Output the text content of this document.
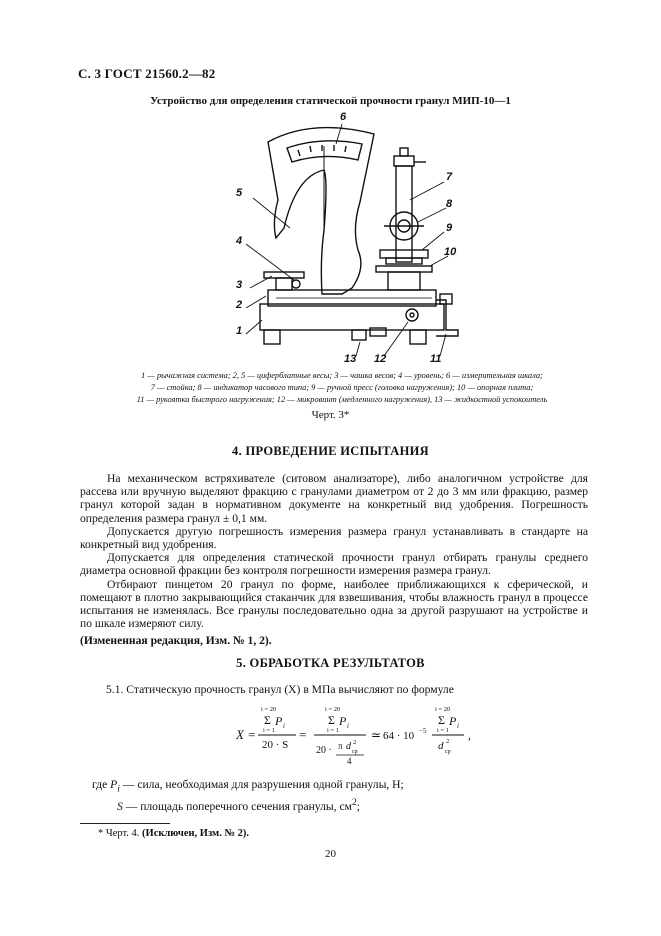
С. 3 ГОСТ 21560.2—82
Устройство для определения статической прочности гранул МИП-10—1
5
6
7
8
9
10
4
3
2
1
13 12	11
1 — рычажная система; 2, 5 — циферблатные весы; 3 — чашка весов; 4 — уровень; 6 — измерительная шкала;
7 — стойка; 8 — индикатор часового типа; 9 — ручной пресс (головка нагружения); 10 — опорная плита;
11 — рукоятка быстрого нагружения; 12 — микровинт (медленного нагружения), 13 — жидкостной успокоитель
Черт. 3*
4. ПРОВЕДЕНИЕ ИСПЫТАНИЯ

На механическом встряхивателе (ситовом анализаторе), либо аналогичном устройстве для рассева или вручную выделяют фракцию с гранулами диаметром от 2 до 3 мм или фракцию, размер гранул которой задан в нормативном документе на конкретный вид удобрения. Погрешность определения размера гранул ± 0,1 мм.

Допускается другую погрешность измерения размера гранул устанавливать в стандарте на конкретный вид удобрения.

Допускается для определения статической прочности гранул отбирать гранулы среднего диаметра основной фракции без контроля погрешности измерения размера гранул.

Отбирают пинцетом 20 гранул по форме, наиболее приближающихся к сферической, и помещают в плотно закрывающийся стаканчик для взвешивания, чтобы влажность гранул в процессе испытания не изменялась. Все гранулы последовательно одна за другой разрушают на устройстве и по шкале измеряют силу.

(Измененная редакция, Изм. № 1, 2).

5. ОБРАБОТКА РЕЗУЛЬТАТОВ
5.1. Статическую прочность гранул (X) в МПа вычисляют по формуле
X =
i = 20
Σ P i
i = 1
20 · S
=
i = 20
Σ P i
i = 1
20 · π d 2
ср
4
≃ 64 · 10 −5
i = 20
Σ P i
i = 1
d 2
ср
,
где $P_i$ — сила, необходимая для разрушения одной гранулы, Н;
S — площадь поперечного сечения гранулы, $см^2$;
* Черт. 4. (Исключен, Изм. № 2).
20
